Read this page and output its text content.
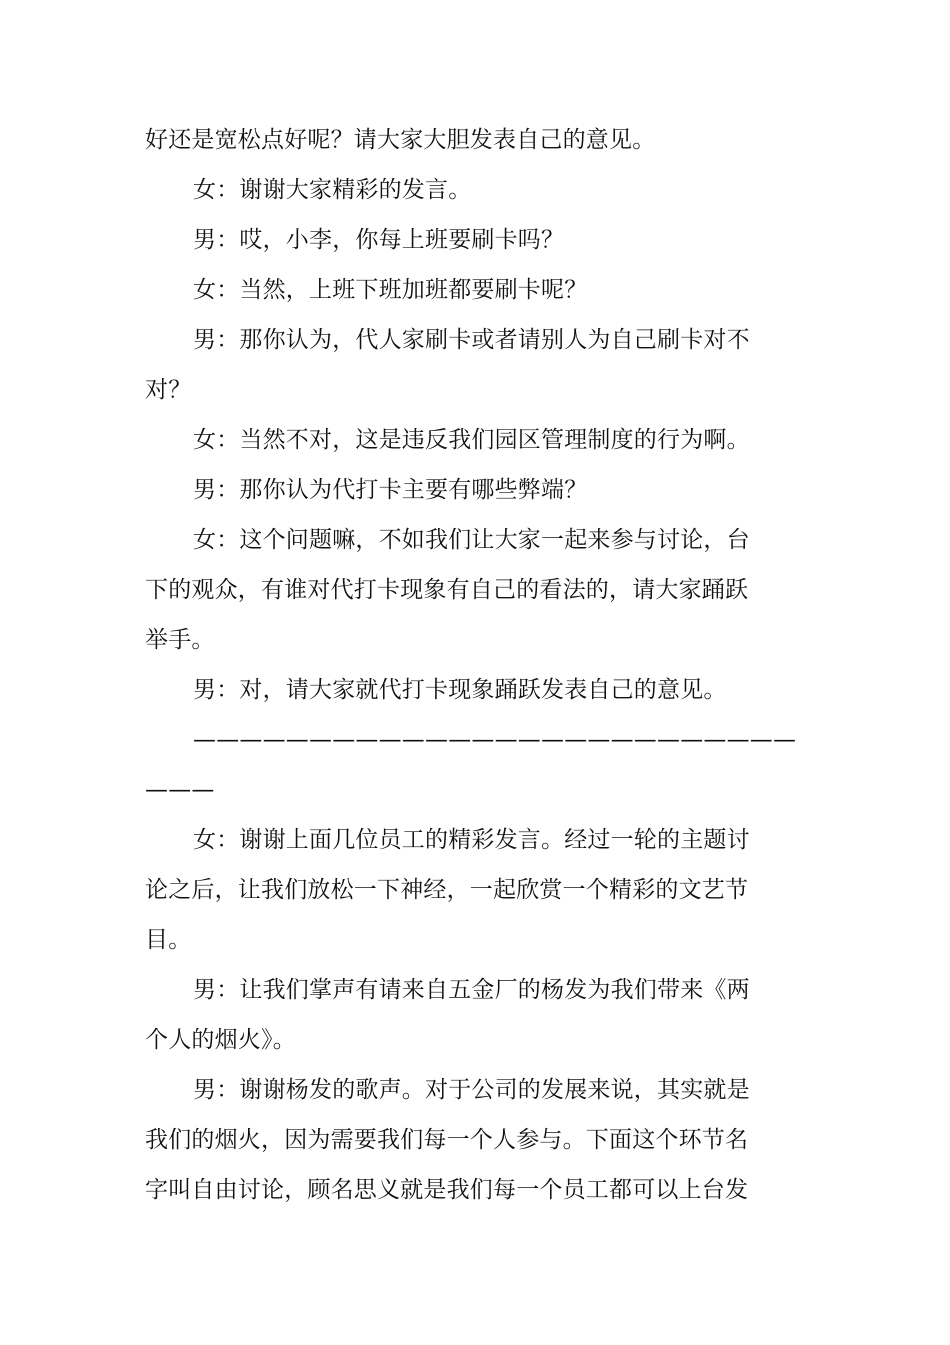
好还是宽松点好呢？请大家大胆发表自己的意见。

女：谢谢大家精彩的发言。

男：哎，小李，你每上班要刷卡吗？

女：当然，上班下班加班都要刷卡呢？

男：那你认为，代人家刷卡或者请别人为自己刷卡对不
对？

女：当然不对，这是违反我们园区管理制度的行为啊。

男：那你认为代打卡主要有哪些弊端？

女：这个问题嘛，不如我们让大家一起来参与讨论，台
下的观众，有谁对代打卡现象有自己的看法的，请大家踊跃
举手。

男：对，请大家就代打卡现象踊跃发表自己的意见。

——————————————————————————
———

女：谢谢上面几位员工的精彩发言。经过一轮的主题讨
论之后，让我们放松一下神经，一起欣赏一个精彩的文艺节
目。

男：让我们掌声有请来自五金厂的杨发为我们带来《两
个人的烟火》。

男：谢谢杨发的歌声。对于公司的发展来说，其实就是
我们的烟火，因为需要我们每一个人参与。下面这个环节名
字叫自由讨论，顾名思义就是我们每一个员工都可以上台发
